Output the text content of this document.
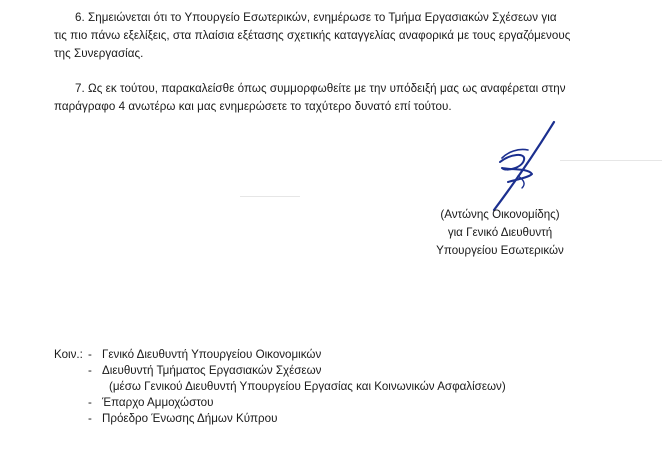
6. Σημειώνεται ότι το Υπουργείο Εσωτερικών, ενημέρωσε το Τμήμα Εργασιακών Σχέσεων για
τις πιο πάνω εξελίξεις, στα πλαίσια εξέτασης σχετικής καταγγελίας αναφορικά με τους εργαζόμενους
της Συνεργασίας.
7. Ως εκ τούτου, παρακαλείσθε όπως συμμορφωθείτε με την υπόδειξή μας ως αναφέρεται στην
παράγραφο 4 ανωτέρω και μας ενημερώσετε το ταχύτερο δυνατό επί τούτου.
(Αντώνης Οικονομίδης)
για Γενικό Διευθυντή
Υπουργείου Εσωτερικών
Κοιν.: - Γενικό Διευθυντή Υπουργείου Οικονομικών
- Διευθυντή Τμήματος Εργασιακών Σχέσεων
(μέσω Γενικού Διευθυντή Υπουργείου Εργασίας και Κοινωνικών Ασφαλίσεων)
- Έπαρχο Αμμοχώστου
- Πρόεδρο Ένωσης Δήμων Κύπρου
